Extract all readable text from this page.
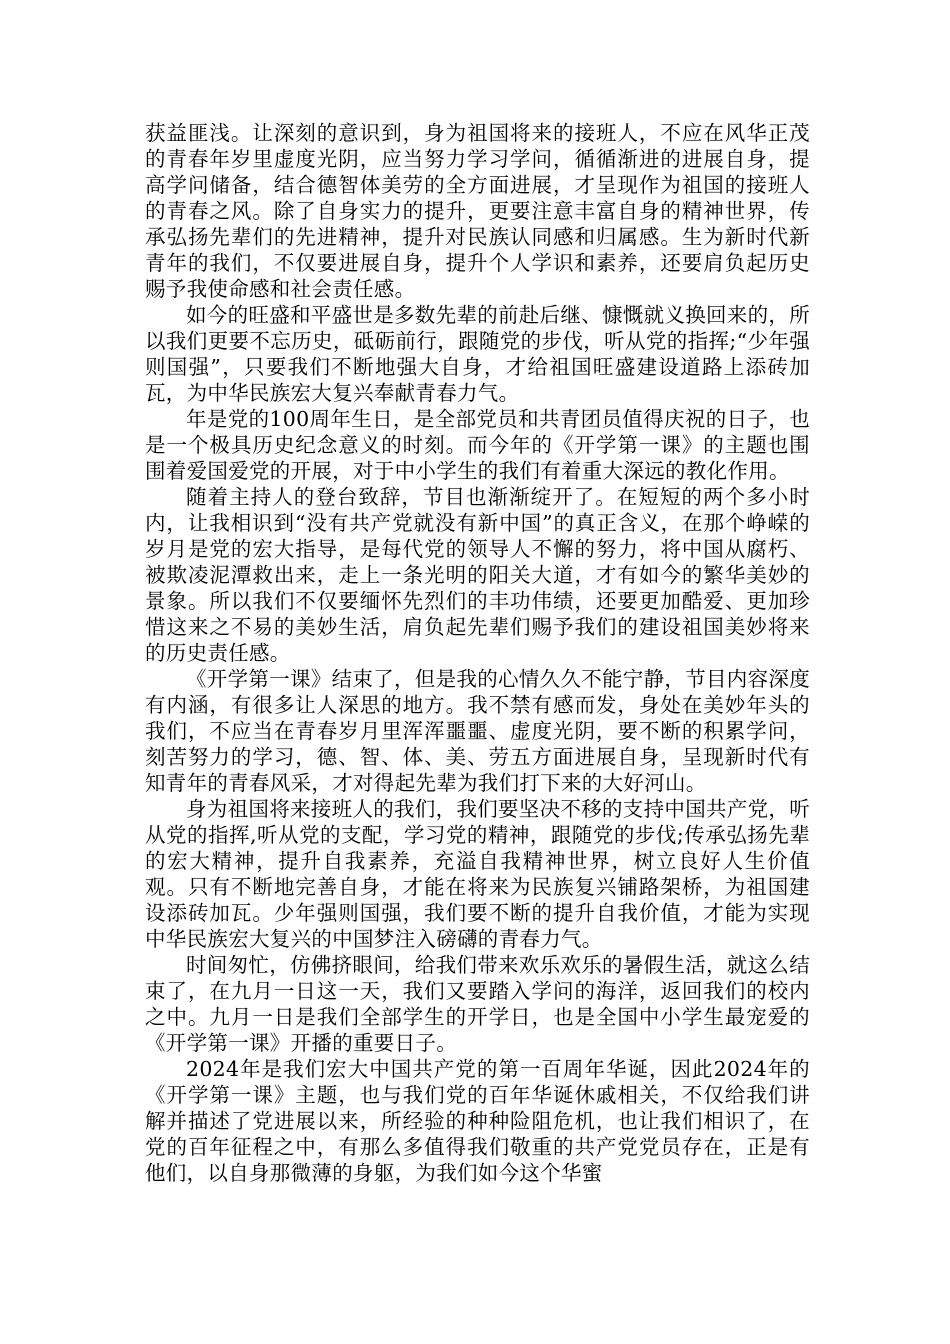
获益匪浅。让深刻的意识到，身为祖国将来的接班人，不应在风华正茂的青春年岁里虚度光阴，应当努力学习学问，循循渐进的进展自身，提高学问储备，结合德智体美劳的全方面进展，才呈现作为祖国的接班人的青春之风。除了自身实力的提升，更要注意丰富自身的精神世界，传承弘扬先辈们的先进精神，提升对民族认同感和归属感。生为新时代新青年的我们，不仅要进展自身，提升个人学识和素养，还要肩负起历史赐予我使命感和社会责任感。

如今的旺盛和平盛世是多数先辈的前赴后继、慷慨就义换回来的，所以我们更要不忘历史，砥砺前行，跟随党的步伐，听从党的指挥;“少年强则国强”，只要我们不断地强大自身，才给祖国旺盛建设道路上添砖加瓦，为中华民族宏大复兴奉献青春力气。

年是党的100周年生日，是全部党员和共青团员值得庆祝的日子，也是一个极具历史纪念意义的时刻。而今年的《开学第一课》的主题也围围着爱国爱党的开展，对于中小学生的我们有着重大深远的教化作用。

随着主持人的登台致辞，节目也渐渐绽开了。在短短的两个多小时内，让我相识到“没有共产党就没有新中国”的真正含义，在那个峥嵘的岁月是党的宏大指导，是每代党的领导人不懈的努力，将中国从腐朽、被欺凌泥潭救出来，走上一条光明的阳关大道，才有如今的繁华美妙的景象。所以我们不仅要缅怀先烈们的丰功伟绩，还要更加酷爱、更加珍惜这来之不易的美妙生活，肩负起先辈们赐予我们的建设祖国美妙将来的历史责任感。

《开学第一课》结束了，但是我的心情久久不能宁静，节目内容深度有内涵，有很多让人深思的地方。我不禁有感而发，身处在美妙年头的我们，不应当在青春岁月里浑浑噩噩、虚度光阴，要不断的积累学问，刻苦努力的学习，德、智、体、美、劳五方面进展自身，呈现新时代有知青年的青春风采，才对得起先辈为我们打下来的大好河山。

身为祖国将来接班人的我们，我们要坚决不移的支持中国共产党，听从党的指挥,听从党的支配，学习党的精神，跟随党的步伐;传承弘扬先辈的宏大精神，提升自我素养，充溢自我精神世界，树立良好人生价值观。只有不断地完善自身，才能在将来为民族复兴铺路架桥，为祖国建设添砖加瓦。少年强则国强，我们要不断的提升自我价值，才能为实现中华民族宏大复兴的中国梦注入磅礴的青春力气。

时间匆忙，仿佛挤眼间，给我们带来欢乐欢乐的暑假生活，就这么结束了，在九月一日这一天，我们又要踏入学问的海洋，返回我们的校内之中。九月一日是我们全部学生的开学日，也是全国中小学生最宠爱的《开学第一课》开播的重要日子。

2024年是我们宏大中国共产党的第一百周年华诞，因此2024年的《开学第一课》主题，也与我们党的百年华诞休戚相关，不仅给我们讲解并描述了党进展以来，所经验的种种险阻危机，也让我们相识了，在党的百年征程之中，有那么多值得我们敬重的共产党党员存在，正是有他们，以自身那微薄的身躯，为我们如今这个华蜜
